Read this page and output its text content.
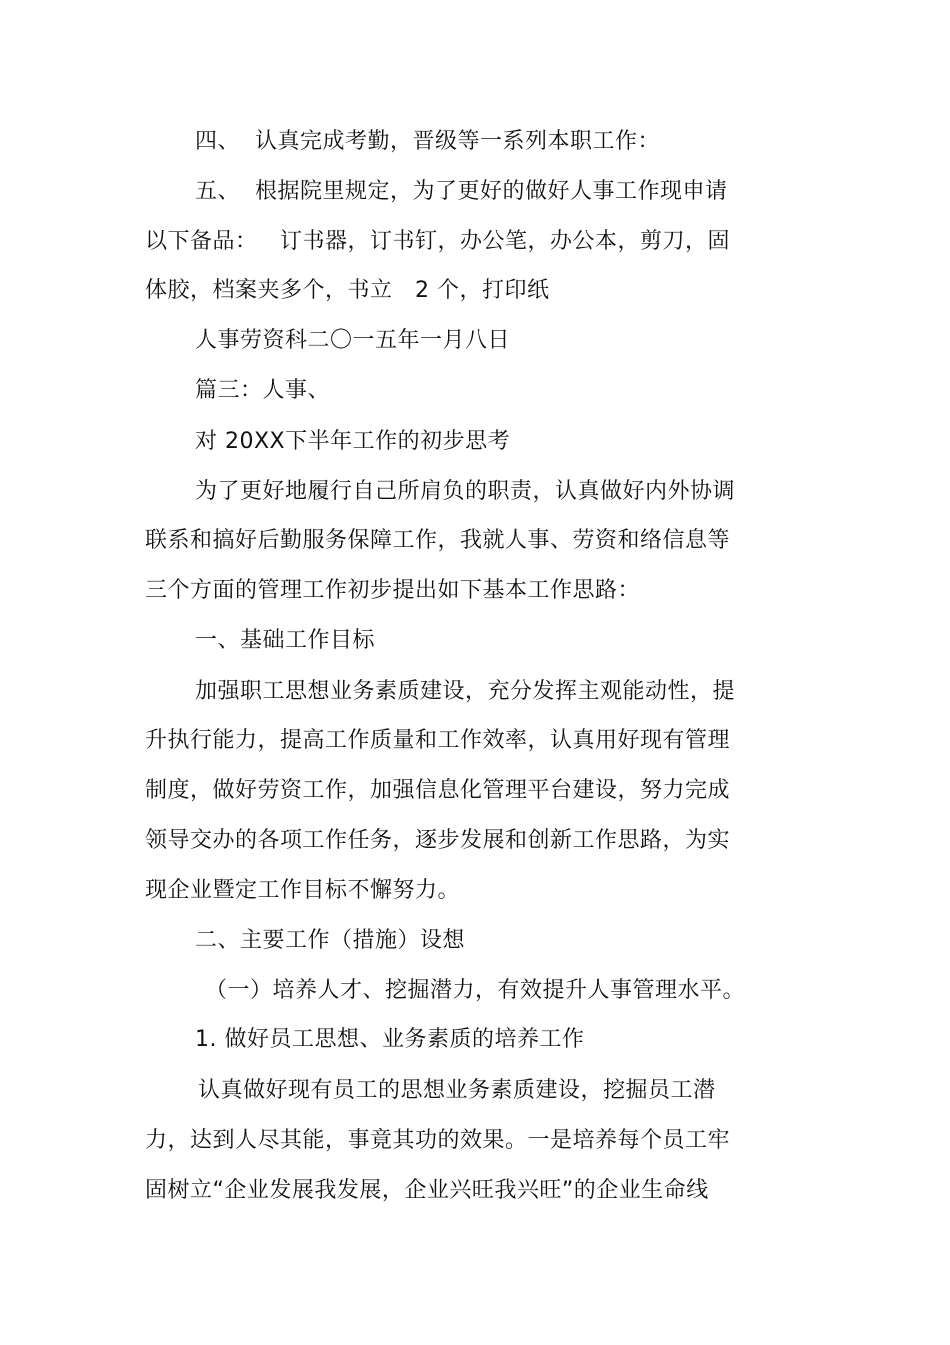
四、  认真完成考勤，晋级等一系列本职工作：
五、  根据院里规定，为了更好的做好人事工作现申请
以下备品：   订书器，订书钉，办公笔，办公本，剪刀，固
体胶，档案夹多个，书立   2 个，打印纸
人事劳资科二〇一五年一月八日
篇三：人事、
对 20XX下半年工作的初步思考
为了更好地履行自己所肩负的职责，认真做好内外协调
联系和搞好后勤服务保障工作，我就人事、劳资和络信息等
三个方面的管理工作初步提出如下基本工作思路：
一、基础工作目标
加强职工思想业务素质建设，充分发挥主观能动性，提
升执行能力，提高工作质量和工作效率，认真用好现有管理
制度，做好劳资工作，加强信息化管理平台建设，努力完成
领导交办的各项工作任务，逐步发展和创新工作思路，为实
现企业暨定工作目标不懈努力。
二、主要工作（措施）设想
（一）培养人才、挖掘潜力，有效提升人事管理水平。
1. 做好员工思想、业务素质的培养工作
认真做好现有员工的思想业务素质建设，挖掘员工潜
力，达到人尽其能，事竟其功的效果。一是培养每个员工牢
固树立“企业发展我发展，企业兴旺我兴旺”的企业生命线
